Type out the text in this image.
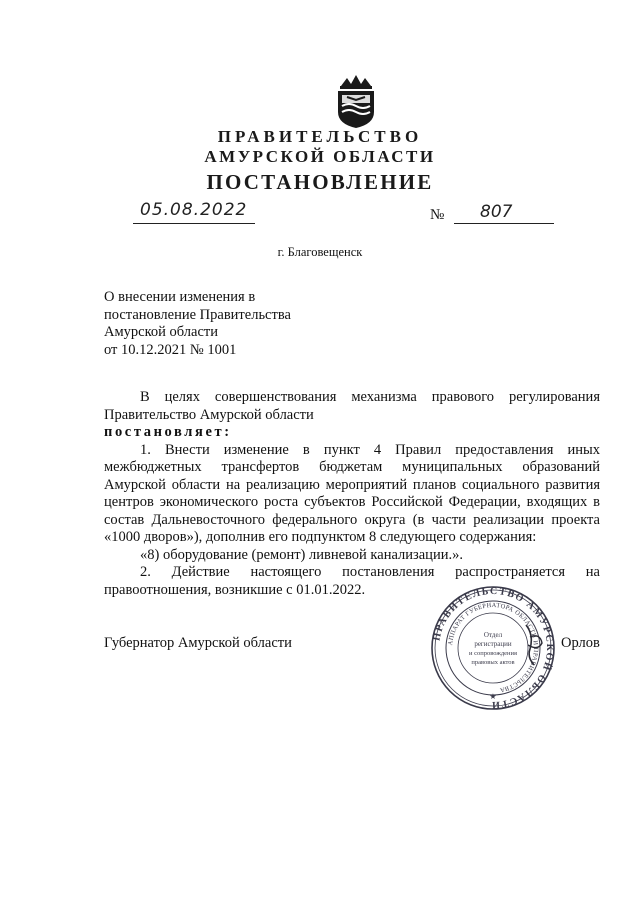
ПРАВИТЕЛЬСТВО
АМУРСКОЙ ОБЛАСТИ
ПОСТАНОВЛЕНИЕ
05.08.2022	№ 807
г. Благовещенск
О внесении изменения в
постановление Правительства
Амурской области
от 10.12.2021 № 1001
В целях совершенствования механизма правового регулирования
Правительство Амурской области
постановляет:
1. Внести изменение в пункт 4 Правил предоставления иных
межбюджетных трансфертов бюджетам муниципальных образований
Амурской области на реализацию мероприятий планов социального развития
центров экономического роста субъектов Российской Федерации, входящих в
состав Дальневосточного федерального округа (в части реализации проекта
«1000 дворов»), дополнив его подпунктом 8 следующего содержания:
«8) оборудование (ремонт) ливневой канализации.».
2. Действие настоящего постановления распространяется на
правоотношения, возникшие с 01.01.2022.
Губернатор Амурской области	Орлов
ПРАВИТЕЛЬСТВО АМУРСКОЙ ОБЛАСТИ
АППАРАТ ГУБЕРНАТОРА ОБЛАСТИ И ПРАВИТЕЛЬСТВА
Отдел
регистрации
и сопровождения
правовых актов
★
